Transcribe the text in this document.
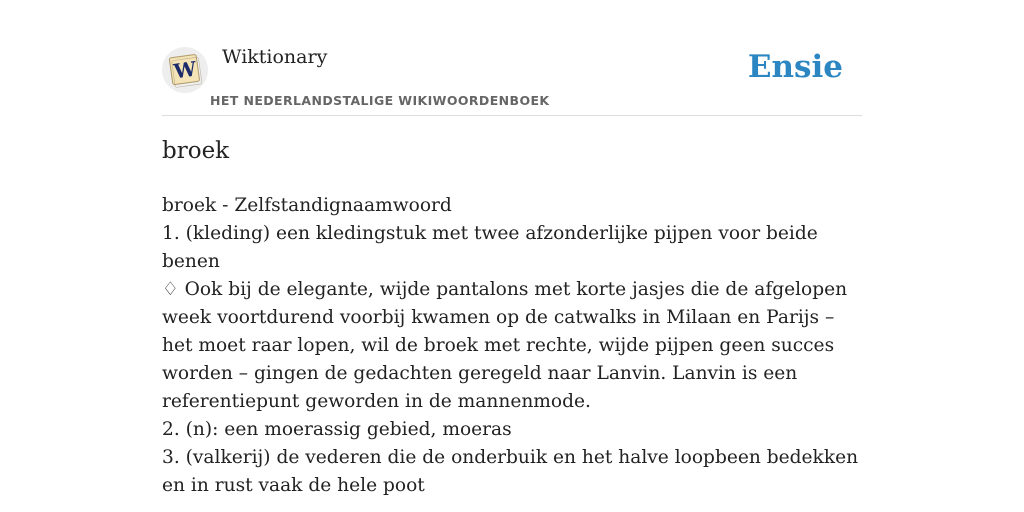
W Wiktionary
HET NEDERLANDSTALIGE WIKIWOORDENBOEK
Ensie
broek

broek - Zelfstandignaamwoord

1. (kleding) een kledingstuk met twee afzonderlijke pijpen voor beide benen

♢ Ook bij de elegante, wijde pantalons met korte jasjes die de afgelopen week voortdurend voorbij kwamen op de catwalks in Milaan en Parijs – het moet raar lopen, wil de broek met rechte, wijde pijpen geen succes worden – gingen de gedachten geregeld naar Lanvin. Lanvin is een referentiepunt geworden in de mannenmode.

2. (n): een moerassig gebied, moeras

3. (valkerij) de vederen die de onderbuik en het halve loopbeen bedekken en in rust vaak de hele poot
